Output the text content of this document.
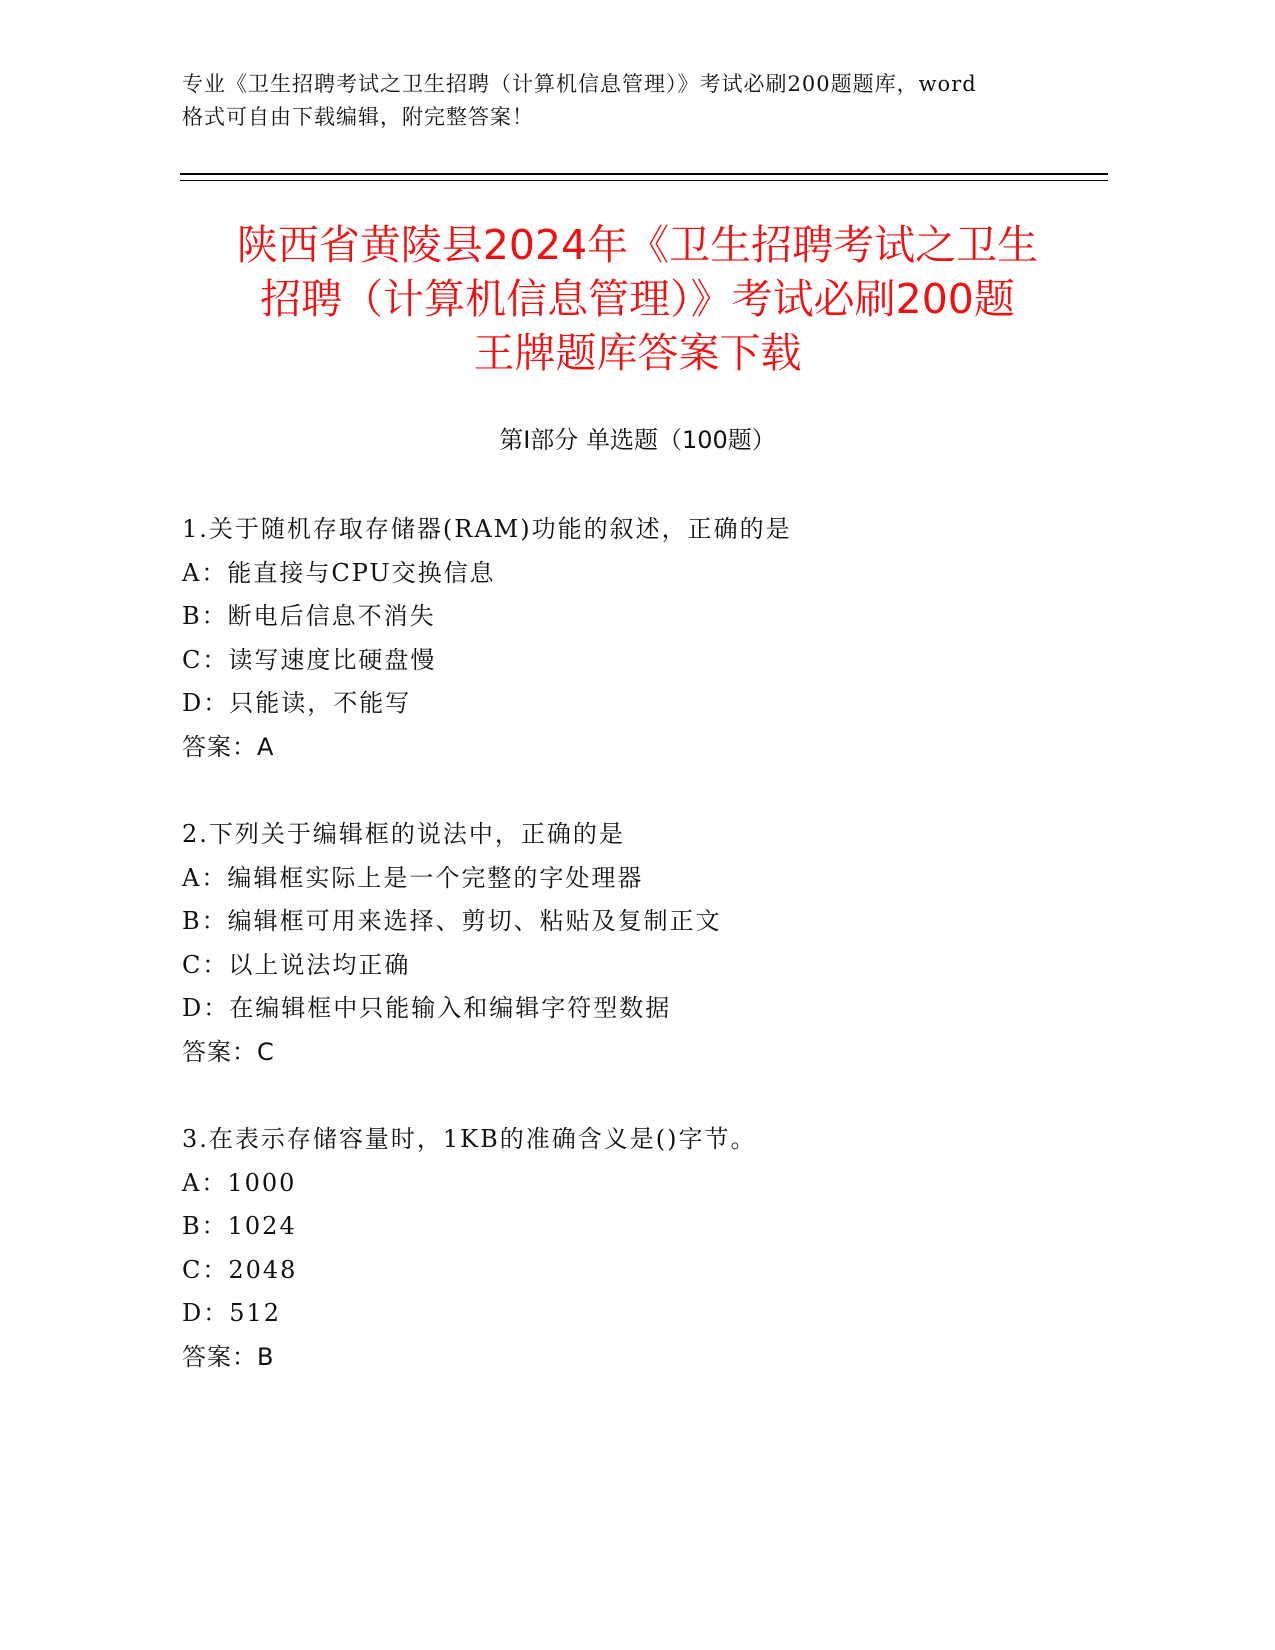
专业《卫生招聘考试之卫生招聘（计算机信息管理）》考试必刷200题题库，word
格式可自由下载编辑，附完整答案！
陕西省黄陵县2024年《卫生招聘考试之卫生
招聘（计算机信息管理）》考试必刷200题
王牌题库答案下载
第Ⅰ部分 单选题（100题）
1.关于随机存取存储器(RAM)功能的叙述，正确的是
A：能直接与CPU交换信息
B：断电后信息不消失
C：读写速度比硬盘慢
D：只能读，不能写
答案：A
2.下列关于编辑框的说法中，正确的是
A：编辑框实际上是一个完整的字处理器
B：编辑框可用来选择、剪切、粘贴及复制正文
C：以上说法均正确
D：在编辑框中只能输入和编辑字符型数据
答案：C
3.在表示存储容量时，1KB的准确含义是()字节。
A：1000
B：1024
C：2048
D：512
答案：B
